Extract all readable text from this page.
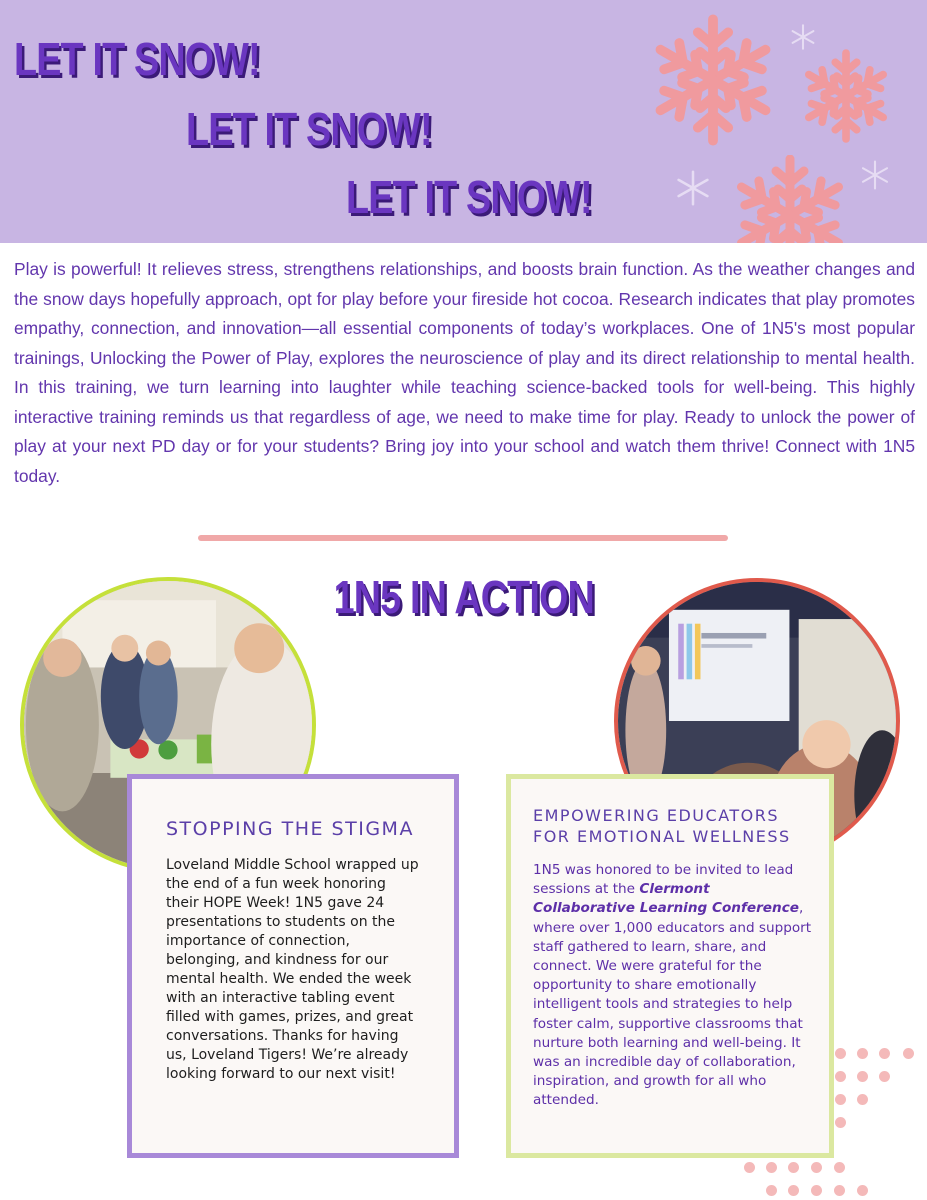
LET IT SNOW!
LET IT SNOW!
LET IT SNOW!

Play is powerful! It relieves stress, strengthens relationships, and boosts brain function. As the weather changes and the snow days hopefully approach, opt for play before your fireside hot cocoa. Research indicates that play promotes empathy, connection, and innovation—all essential components of today’s workplaces. One of 1N5's most popular trainings, Unlocking the Power of Play, explores the neuroscience of play and its direct relationship to mental health. In this training, we turn learning into laughter while teaching science-backed tools for well-being. This highly interactive training reminds us that regardless of age, we need to make time for play. Ready to unlock the power of play at your next PD day or for your students? Bring joy into your school and watch them thrive! Connect with 1N5 today.

1N5 IN ACTION
STOPPING THE STIGMA

Loveland Middle School wrapped up the end of a fun week honoring their HOPE Week! 1N5 gave 24 presentations to students on the importance of connection, belonging, and kindness for our mental health. We ended the week with an interactive tabling event filled with games, prizes, and great conversations. Thanks for having us, Loveland Tigers! We’re already looking forward to our next visit!

EMPOWERING EDUCATORS FOR EMOTIONAL WELLNESS

1N5 was honored to be invited to lead sessions at the Clermont Collaborative Learning Conference, where over 1,000 educators and support staff gathered to learn, share, and connect. We were grateful for the opportunity to share emotionally intelligent tools and strategies to help foster calm, supportive classrooms that nurture both learning and well-being. It was an incredible day of collaboration, inspiration, and growth for all who attended.
